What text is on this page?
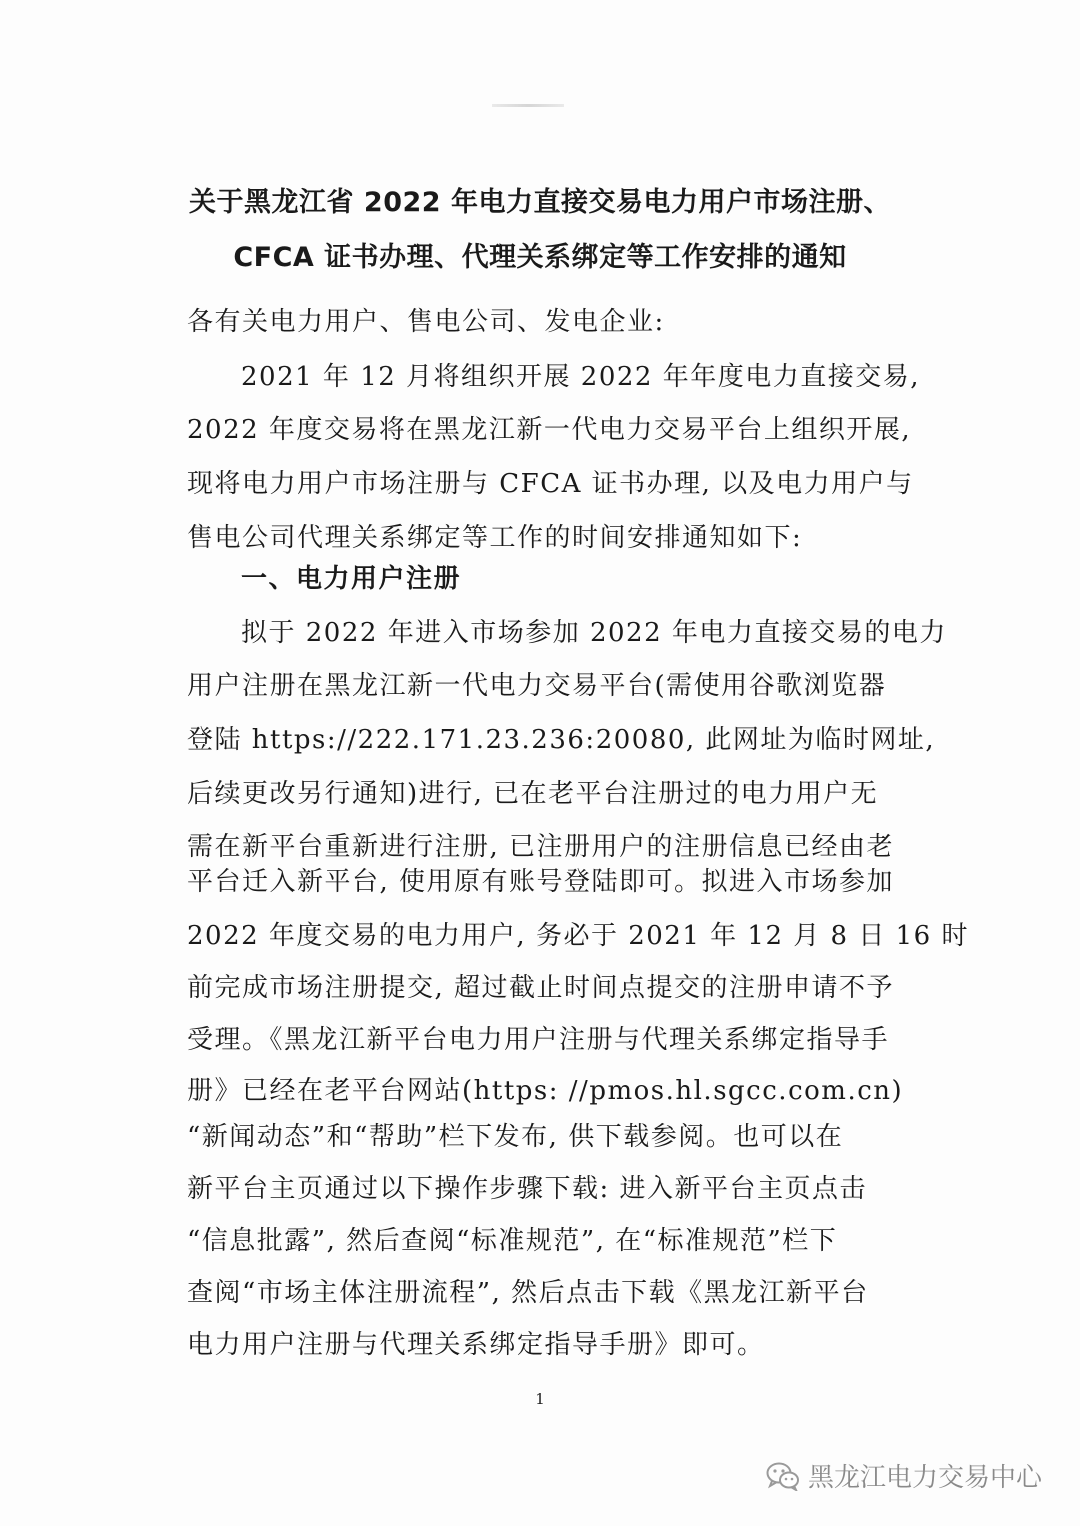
关于黑龙江省 2022 年电力直接交易电力用户市场注册、
CFCA 证书办理、代理关系绑定等工作安排的通知
各有关电力用户、售电公司、发电企业:
2021 年 12 月将组织开展 2022 年年度电力直接交易,
2022 年度交易将在黑龙江新一代电力交易平台上组织开展,
现将电力用户市场注册与 CFCA 证书办理, 以及电力用户与
售电公司代理关系绑定等工作的时间安排通知如下:
一、电力用户注册
拟于 2022 年进入市场参加 2022 年电力直接交易的电力
用户注册在黑龙江新一代电力交易平台(需使用谷歌浏览器
登陆 https://222.171.23.236:20080, 此网址为临时网址,
后续更改另行通知)进行, 已在老平台注册过的电力用户无
需在新平台重新进行注册, 已注册用户的注册信息已经由老
平台迁入新平台, 使用原有账号登陆即可。拟进入市场参加
2022 年度交易的电力用户, 务必于 2021 年 12 月 8 日 16 时
前完成市场注册提交, 超过截止时间点提交的注册申请不予
受理。《黑龙江新平台电力用户注册与代理关系绑定指导手
册》已经在老平台网站(https: //pmos.hl.sgcc.com.cn)
“新闻动态”和“帮助”栏下发布, 供下载参阅。也可以在
新平台主页通过以下操作步骤下载: 进入新平台主页点击
“信息批露”, 然后查阅“标准规范”, 在“标准规范”栏下
查阅“市场主体注册流程”, 然后点击下载《黑龙江新平台
电力用户注册与代理关系绑定指导手册》即可。
1
黑龙江电力交易中心
